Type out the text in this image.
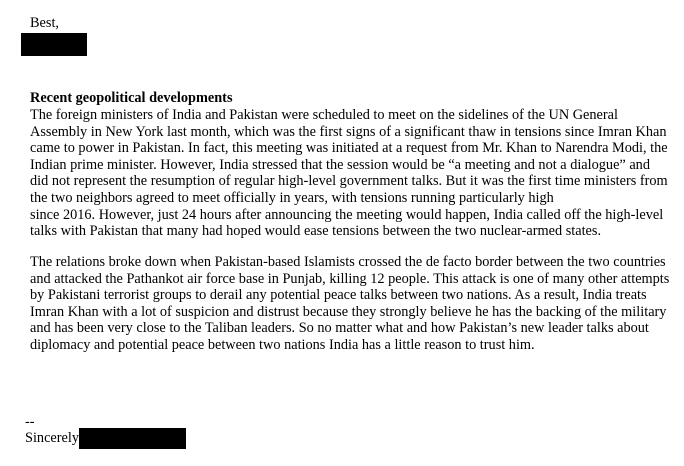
Best,
Recent geopolitical developments
The foreign ministers of India and Pakistan were scheduled to meet on the sidelines of the UN General
Assembly in New York last month, which was the first signs of a significant thaw in tensions since Imran Khan
came to power in Pakistan. In fact, this meeting was initiated at a request from Mr. Khan to Narendra Modi, the
Indian prime minister. However, India stressed that the session would be “a meeting and not a dialogue” and
did not represent the resumption of regular high-level government talks. But it was the first time ministers from
the two neighbors agreed to meet officially in years, with tensions running particularly high
since 2016. However, just 24 hours after announcing the meeting would happen, India called off the high-level
talks with Pakistan that many had hoped would ease tensions between the two nuclear-armed states.
The relations broke down when Pakistan-based Islamists crossed the de facto border between the two countries
and attacked the Pathankot air force base in Punjab, killing 12 people. This attack is one of many other attempts
by Pakistani terrorist groups to derail any potential peace talks between two nations. As a result, India treats
Imran Khan with a lot of suspicion and distrust because they strongly believe he has the backing of the military
and has been very close to the Taliban leaders. So no matter what and how Pakistan’s new leader talks about
diplomacy and potential peace between two nations India has a little reason to trust him.
--
Sincerely
